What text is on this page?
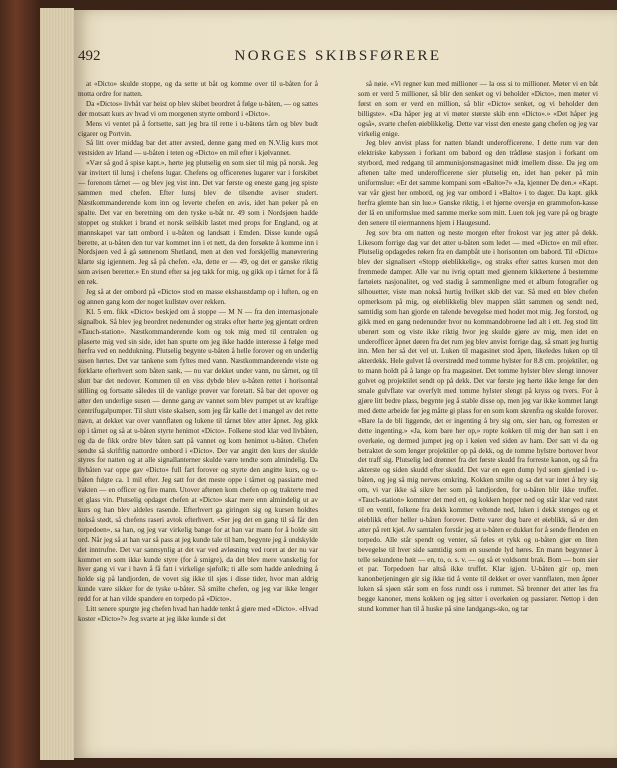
492	NORGES SKIBSFØRERE

at «Dicto» skulde stoppe, og da sette ut båt og komme over til u-båten for å motta ordre for natten.

Da «Dictos» livbåt var heist op blev skibet beordret å følge u-båten, — og sattes der motsatt kurs av hvad vi om morgenen styrte ombord i «Dicto».

Mens vi ventet på å fortsette, satt jeg bra til rette i u-bâtens tårn og blev budt cigarer og Portvin.

Så litt over middag bar det atter avsted, denne gang med en N.V.lig kurs mot vestsiden av Irland — u-båten i teten og «Dicto» en mil efter i kjølvannet.

«Vær så god å spise kapt.», hørte jeg plutselig en som sier til mig på norsk. Jeg var invitert til lunsj i chefens lugar. Chefens og officerenes lugarer var i forskibet — forenom tårnet — og blev jeg vist inn. Det var første og eneste gang jeg spiste sammen med chefen. Efter lunsj blev de tilsendte aviser studert. Næstkommanderende kom inn og leverte chefen en avis, idet han peker på en spalte. Det var en beretning om den tyske u-båt nr. 49 som i Nordsjøen hadde stoppet og stukket i brand et norsk seilskib lastet med props for England, og at mannskapet var tatt ombord i u-båten og landsatt i Emden. Disse kunde også berette, at u-båten den tur var kommet inn i et nett, da den forsøkte å komme inn i Nordsjøen ved å gå sønnenom Shetland, men at den ved forskjellig manøvrering klarte sig igjennem. Jeg så på chefen. «Ja, dette er — 49, og det er ganske riktig som avisen beretter.» En stund efter sa jeg takk for mig, og gikk op i tårnet for å få en røk.

Jeg så at der ombord på «Dicto» stod en masse ekshaustdamp op i luften, og en og annen gang kom der noget kullstøv over rekken.

Kl. 5 em. fikk «Dicto» beskjed om å stoppe — M N — fra den internasjonale signalbok. Så blev jeg beordret nedenunder og straks efter hørte jeg gjentatt ordren «Tauch-station». Næstkommanderende kom og tok mig med til centralen og plaserte mig ved sin side, idet han spurte om jeg ikke hadde interesse å følge med herfra ved en neddukning. Plutselig begynte u-båten å helle forover og en underlig susen hørtes. Det var tankene som fyltes med vann. Næstkommanderende viste og forklarte efterhvert som båten sank, — nu var dekket under vann, nu tårnet, og til slutt bar det nedover. Kommen til en viss dybde blev u-båten rettet i horisontal stilling og fortsatte således til de vanlige prøver var foretatt. Så bar det opover og atter den underlige susen — denne gang av vannet som blev pumpet ut av kraftige centrifugalpumper. Til slutt viste skalsen, som jeg får kalle det i mangel av det rette navn, at dekket var over vannflaten og lukene til tårnet blev atter åpnet. Jeg gikk op i tårnet og så at u-båten styrte henimot «Dicto». Folkene stod klar ved livbåten, og da de fikk ordre blev båten satt på vannet og kom henimot u-båten. Chefen sendte så skriftlig nattordre ombord i «Dicto». Der var angitt den kurs der skulde styres for natten og at alle signallanterner skulde være tendte som almindelig. Da livbåten var oppe gav «Dicto» full fart forover og styrte den angitte kurs, og u-båten fulgte ca. 1 mil efter. Jeg satt for det meste oppe i tårnet og passiarte med vakten — en officer og fire mann. Utover aftenen kom chefen op og trakterte med et glass vin. Plutselig opdaget chefen at «Dicto» skar mere enn almindelig ut av kurs og han blev aldeles rasende. Efterhvert ga giringen sig og kursen holdtes nokså stødt, så chefens raseri avtok efterhvert. «Ser jeg det en gang til så får den torpedoen», sa han, og jeg var virkelig bange for at han var mann for å holde sitt ord. Når jeg så at han var så pass at jeg kunde tale til ham, begynte jeg å undskylde det inntrufne. Det var sannsynlig at det var ved avløsning ved roret at der nu var kommet en som ikke kunde styre (for å smigre), da det blev mere vanskelig for hver gang vi var i havn å få fatt i virkelige sjøfolk; ti alle som hadde anledning å holde sig på landjorden, de vovet sig ikke til sjøs i disse tider, hvor man aldrig kunde være sikker for de tyske u-båter. Så smilte chefen, og jeg var ikke lenger redd for at han vilde spandere en torpedo på «Dicto».

Litt senere spurgte jeg chefen hvad han hadde tenkt å gjøre med «Dicto». «Hvad koster «Dicto»?» Jeg svarte at jeg ikke kunde si det

så nøie. «Vi regner kun med millioner — la oss si to millioner. Møter vi en båt som er verd 5 millioner, så blir den senket og vi beholder «Dicto», men møter vi først en som er verd en million, så blir «Dicto» senket, og vi beholder den billigste». «Da håper jeg at vi møter største skib enn «Dicto».» «Det håper jeg også», svarte chefen øieblikkelig. Dette var visst den eneste gang chefen og jeg var virkelig enige.

Jeg blev anvist plass for natten blandt underofficerene. I dette rum var den elektriske kabyssen i forkant om babord og den trådløse stasjon i forkant om styrbord, med redgang til ammunisjonsmagasinet midt imellem disse. Da jeg om aftenen talte med underofficerene sier plutselig en, idet han peker på min uniformslue: «Er det samme kompani som «Balto»?» «Ja, kjenner De den.» «Kapt. var vår gjest her ombord, og jeg var ombord i «Balto» i to dager. Da kapt. gikk herfra glemte han sin lue.» Ganske riktig, i et hjørne oversjø en grammofon-kasse der lå en uniformslue med samme merke som mitt. Luen tok jeg vare på og bragte den senere til eiermannens hjem i Haugesund.

Jeg sov bra om natten og neste morgen efter frokost var jeg atter på dekk. Likesom forrige dag var det atter u-båten som ledet — med «Dicto» en mil efter. Plutselig opdagedes røken fra en dampbåt ute i horisonten om babord. Til «Dicto» blev der signalisert «Stopp øieblikkelig», og straks efter sattes kursen mot den fremmede damper. Alle var nu ivrig optatt med gjennem kikkertene å bestemme fartøiets nasjonalitet, og ved stadig å sammenligne med et album fotografier og silhouetter, viste man nokså hurtig hvilket skib det var. Så med ett blev chefen opmerksom på mig, og øieblikkelig blev mappen slått sammen og sendt ned, samtidig som han gjorde en talende bevegelse med hodet mot mig. Jeg forstod, og gikk med en gang nedenunder hvor nu kommandobroene lød alt i ett. Jeg stod litt uberørt som og viste ikke riktig hvor jeg skulde gjøre av mig, men idet en underofficer åpnet døren fra det rum jeg blev anvist forrige dag, så smatt jeg hurtig inn. Men her så det vel ut. Luken til magasinet stod åpen, likeledes luken op til akterdekk. Hele gulvet lå overstrødd med tomme hylster for 8.8 cm. projektiler, og to mann holdt på å lange op fra magasinet. Det tomme hylster blev slengt innover gulvet og projektilet sendt op på dekk. Det var første jeg hørte ikke lenge før den smale gulvflate var overfylt med tomme hylster slengt på kryss og tvers. For å gjøre litt bedre plass, begynte jeg å stable disse op, men jeg var ikke kommet langt med dette arbeide før jeg måtte gi plass for en som kom skrenfra og skulde forover. «Bare la de bli liggende, det er ingenting å bry sig om, sier han, og forresten er dette ingenting.» «Ja, kom bare her op,» ropte kokken til mig der han satt i en overkøie, og dermed jumpet jeg op i køien ved siden av ham. Der satt vi da og betraktet de som lenger projektiler op på dekk, og de tomme hylstre bortover hvor det traff sig. Plutselig lød drønnet fra det første skudd fra forreste kanon, og så fra akterste og siden skudd efter skudd. Det var en egen dump lyd som gjenlød i u-båten, og jeg så mig nervøs omkring. Kokken smilte og sa det var intet å bry sig om, vi var ikke så sikre her som på landjorden, for u-båten blir ikke truffet. «Tauch-station» kommer det med ett, og kokken hopper ned og står klar ved ratet til en ventil, folkene fra dekk kommer veltende ned, luken i dekk stenges og et øieblikk efter heller u-båten forover. Dette varer dog bare et øieblikk, så er den atter på rett kjøl. Av samtalen forstår jeg at u-båten er dukket for å sende flenden en torpedo. Alle står spendt og venter, så føles et rykk og u-båten gjør en liten bevegelse til hver side samtidig som en susende lyd høres. En mann begynner å telle sekundene høit — en, to, o. s. v. — og så et voldsomt brak. Bom — bom sier et par. Torpedoen har altså ikke truffet. Klar igjen. U-båten gir op, men kanonbetjeningen gir sig ikke tid å vente til dekket er over vannflaten, men åpner luken så sjøen står som en foss rundt oss i rummet. Så brenner det atter løs fra begge kanoner, mens kokken og jeg sitter i overkøien og passiarer. Nettop i den stund kommer han til å huske på sine landgangs-sko, og tar
